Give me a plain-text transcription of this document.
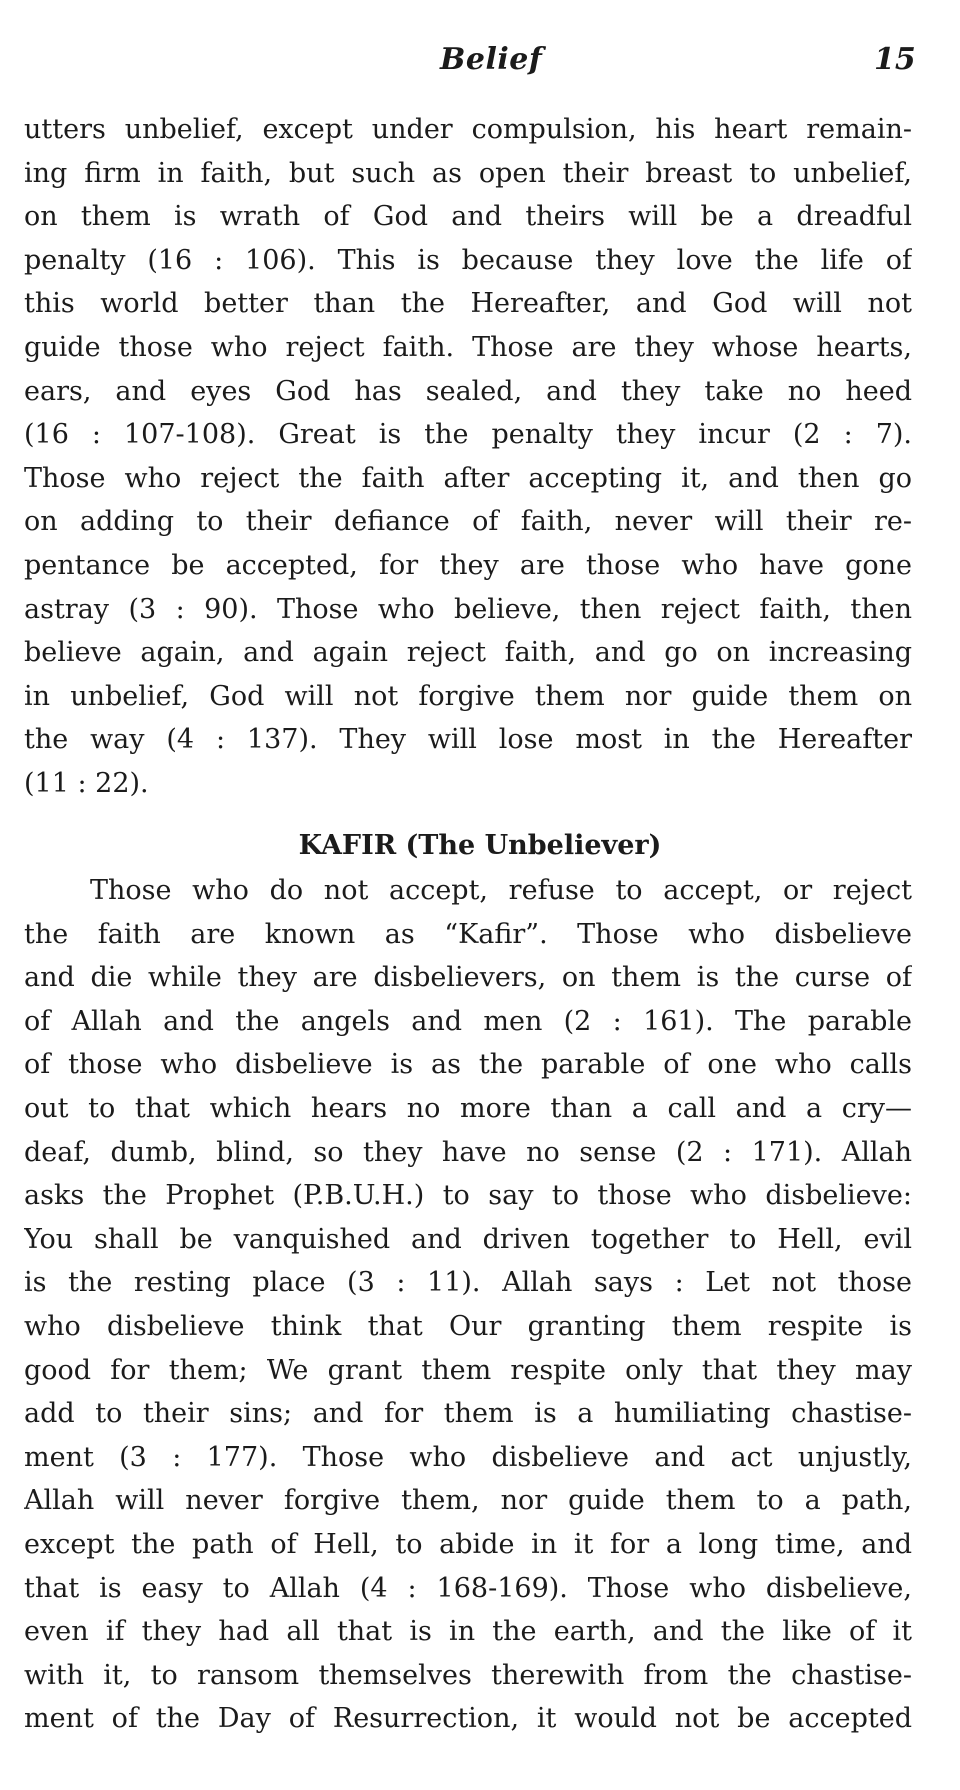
Belief	15
utters unbelief, except under compulsion, his heart remain-
ing firm in faith, but such as open their breast to unbelief,
on them is wrath of God and theirs will be a dreadful
penalty (16 : 106). This is because they love the life of
this world better than the Hereafter, and God will not
guide those who reject faith. Those are they whose hearts,
ears, and eyes God has sealed, and they take no heed
(16 : 107-108). Great is the penalty they incur (2 : 7).
Those who reject the faith after accepting it, and then go
on adding to their defiance of faith, never will their re-
pentance be accepted, for they are those who have gone
astray (3 : 90). Those who believe, then reject faith, then
believe again, and again reject faith, and go on increasing
in unbelief, God will not forgive them nor guide them on
the way (4 : 137). They will lose most in the Hereafter
(11 : 22).
KAFIR (The Unbeliever)
Those who do not accept, refuse to accept, or reject
the faith are known as “Kafir”. Those who disbelieve
and die while they are disbelievers, on them is the curse of
of Allah and the angels and men (2 : 161). The parable
of those who disbelieve is as the parable of one who calls
out to that which hears no more than a call and a cry—
deaf, dumb, blind, so they have no sense (2 : 171). Allah
asks the Prophet (P.B.U.H.) to say to those who disbelieve:
You shall be vanquished and driven together to Hell, evil
is the resting place (3 : 11). Allah says : Let not those
who disbelieve think that Our granting them respite is
good for them; We grant them respite only that they may
add to their sins; and for them is a humiliating chastise-
ment (3 : 177). Those who disbelieve and act unjustly,
Allah will never forgive them, nor guide them to a path,
except the path of Hell, to abide in it for a long time, and
that is easy to Allah (4 : 168-169). Those who disbelieve,
even if they had all that is in the earth, and the like of it
with it, to ransom themselves therewith from the chastise-
ment of the Day of Resurrection, it would not be accepted
